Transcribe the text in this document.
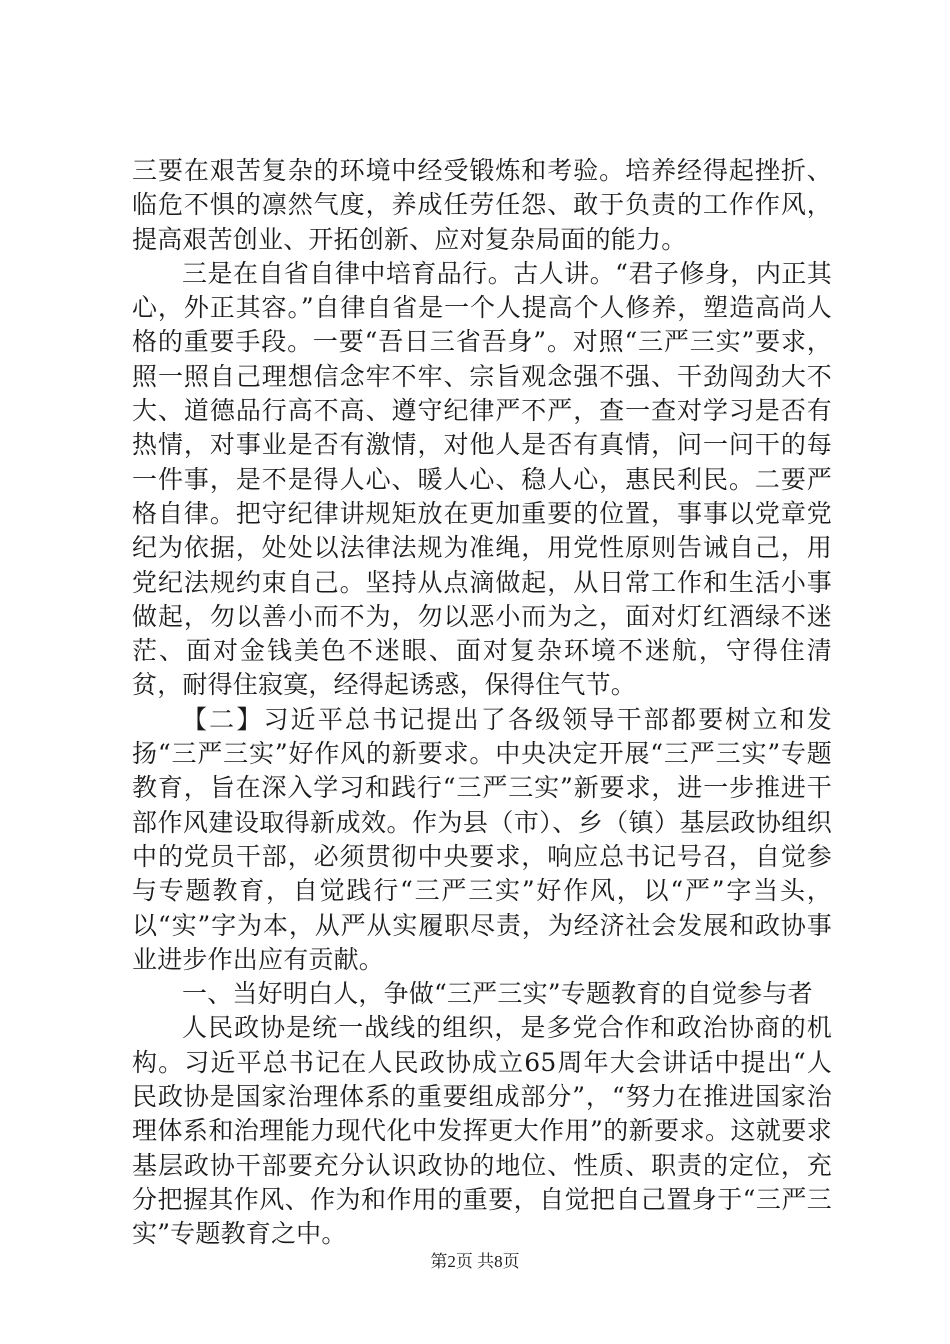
三要在艰苦复杂的环境中经受锻炼和考验。培养经得起挫折、临危不惧的凛然气度，养成任劳任怨、敢于负责的工作作风，提高艰苦创业、开拓创新、应对复杂局面的能力。

三是在自省自律中培育品行。古人讲。“君子修身，内正其心，外正其容。”自律自省是一个人提高个人修养，塑造高尚人格的重要手段。一要“吾日三省吾身”。对照“三严三实”要求，照一照自己理想信念牢不牢、宗旨观念强不强、干劲闯劲大不大、道德品行高不高、遵守纪律严不严，查一查对学习是否有热情，对事业是否有激情，对他人是否有真情，问一问干的每一件事，是不是得人心、暖人心、稳人心，惠民利民。二要严格自律。把守纪律讲规矩放在更加重要的位置，事事以党章党纪为依据，处处以法律法规为准绳，用党性原则告诫自己，用党纪法规约束自己。坚持从点滴做起，从日常工作和生活小事做起，勿以善小而不为，勿以恶小而为之，面对灯红酒绿不迷茫、面对金钱美色不迷眼、面对复杂环境不迷航，守得住清贫，耐得住寂寞，经得起诱惑，保得住气节。

【二】习近平总书记提出了各级领导干部都要树立和发扬“三严三实”好作风的新要求。中央决定开展“三严三实”专题教育，旨在深入学习和践行“三严三实”新要求，进一步推进干部作风建设取得新成效。作为县（市）、乡（镇）基层政协组织中的党员干部，必须贯彻中央要求，响应总书记号召，自觉参与专题教育，自觉践行“三严三实”好作风，以“严”字当头，以“实”字为本，从严从实履职尽责，为经济社会发展和政协事业进步作出应有贡献。

一、当好明白人，争做“三严三实”专题教育的自觉参与者

人民政协是统一战线的组织，是多党合作和政治协商的机构。习近平总书记在人民政协成立65周年大会讲话中提出“人民政协是国家治理体系的重要组成部分”，“努力在推进国家治理体系和治理能力现代化中发挥更大作用”的新要求。这就要求基层政协干部要充分认识政协的地位、性质、职责的定位，充分把握其作风、作为和作用的重要，自觉把自己置身于“三严三实”专题教育之中。

第2页 共8页
